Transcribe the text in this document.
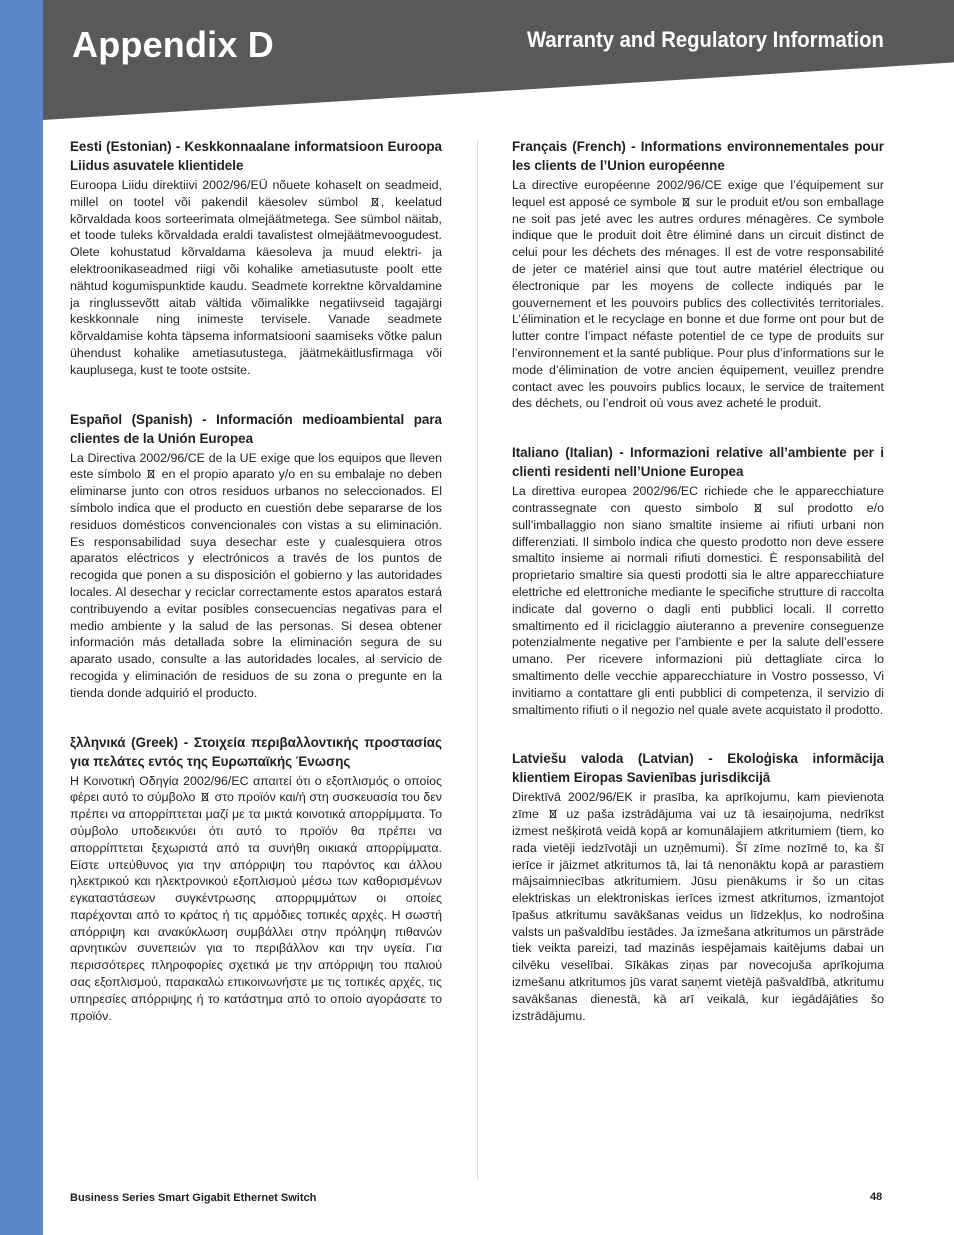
Appendix D	Warranty and Regulatory Information
Eesti (Estonian) - Keskkonnaalane informatsioon Euroopa Liidus asuvatele klientidele

Euroopa Liidu direktiivi 2002/96/EÜ nõuete kohaselt on seadmeid, millel on tootel või pakendil käesolev sümbol , keelatud kõrvaldada koos sorteerimata olmejäätmetega. See sümbol näitab, et toode tuleks kõrvaldada eraldi tavalistest olmejäätmevoogudest. Olete kohustatud kõrvaldama käesoleva ja muud elektri- ja elektroonikaseadmed riigi või kohalike ametiasutuste poolt ette nähtud kogumispunktide kaudu. Seadmete korrektne kõrvaldamine ja ringlussevõtt aitab vältida võimalikke negatiivseid tagajärgi keskkonnale ning inimeste tervisele. Vanade seadmete kõrvaldamise kohta täpsema informatsiooni saamiseks võtke palun ühendust kohalike ametiasutustega, jäätmekäitlusfirmaga või kauplusega, kust te toote ostsite.

Español (Spanish) - Información medioambiental para clientes de la Unión Europea

La Directiva 2002/96/CE de la UE exige que los equipos que lleven este símbolo en el propio aparato y/o en su embalaje no deben eliminarse junto con otros residuos urbanos no seleccionados. El símbolo indica que el producto en cuestión debe separarse de los residuos domésticos convencionales con vistas a su eliminación. Es responsabilidad suya desechar este y cualesquiera otros aparatos eléctricos y electrónicos a través de los puntos de recogida que ponen a su disposición el gobierno y las autoridades locales. Al desechar y reciclar correctamente estos aparatos estará contribuyendo a evitar posibles consecuencias negativas para el medio ambiente y la salud de las personas. Si desea obtener información más detallada sobre la eliminación segura de su aparato usado, consulte a las autoridades locales, al servicio de recogida y eliminación de residuos de su zona o pregunte en la tienda donde adquirió el producto.

ξλληνικά (Greek) - Στοιχεία περιβαλλοντικής προστασίας για πελάτες εντός της Ευρωπαϊκής Ένωσης

Η Κοινοτική Οδηγία 2002/96/EC απαιτεί ότι ο εξοπλισμός ο οποίος φέρει αυτό το σύμβολο στο προϊόν και/ή στη συσκευασία του δεν πρέπει να απορρίπτεται μαζί με τα μικτά κοινοτικά απορρίμματα. Το σύμβολο υποδεικνύει ότι αυτό το προϊόν θα πρέπει να απορρίπτεται ξεχωριστά από τα συνήθη οικιακά απορρίμματα. Είστε υπεύθυνος για την απόρριψη του παρόντος και άλλου ηλεκτρικού και ηλεκτρονικού εξοπλισμού μέσω των καθορισμένων εγκαταστάσεων συγκέντρωσης απορριμμάτων οι οποίες παρέχονται από το κράτος ή τις αρμόδιες τοπικές αρχές. Η σωστή απόρριψη και ανακύκλωση συμβάλλει στην πρόληψη πιθανών αρνητικών συνεπειών για το περιβάλλον και την υγεία. Για περισσότερες πληροφορίες σχετικά με την απόρριψη του παλιού σας εξοπλισμού, παρακαλώ επικοινωνήστε με τις τοπικές αρχές, τις υπηρεσίες απόρριψης ή το κατάστημα από το οποίο αγοράσατε το προϊόν.

Français (French) - Informations environnementales pour les clients de l’Union européenne

La directive européenne 2002/96/CE exige que l’équipement sur lequel est apposé ce symbole sur le produit et/ou son emballage ne soit pas jeté avec les autres ordures ménagères. Ce symbole indique que le produit doit être éliminé dans un circuit distinct de celui pour les déchets des ménages. Il est de votre responsabilité de jeter ce matériel ainsi que tout autre matériel électrique ou électronique par les moyens de collecte indiqués par le gouvernement et les pouvoirs publics des collectivités territoriales. L’élimination et le recyclage en bonne et due forme ont pour but de lutter contre l’impact néfaste potentiel de ce type de produits sur l’environnement et la santé publique. Pour plus d’informations sur le mode d’élimination de votre ancien équipement, veuillez prendre contact avec les pouvoirs publics locaux, le service de traitement des déchets, ou l’endroit où vous avez acheté le produit.

Italiano (Italian) - Informazioni relative all’ambiente per i clienti residenti nell’Unione Europea

La direttiva europea 2002/96/EC richiede che le apparecchiature contrassegnate con questo simbolo	sul prodotto e/o sull’imballaggio non siano smaltite insieme ai rifiuti urbani non differenziati. Il simbolo indica che questo prodotto non deve essere smaltito insieme ai normali rifiuti domestici. È responsabilità del proprietario smaltire sia questi prodotti sia le altre apparecchiature elettriche ed elettroniche mediante le specifiche strutture di raccolta indicate dal governo o dagli enti pubblici locali. Il corretto smaltimento ed il riciclaggio aiuteranno a prevenire conseguenze potenzialmente negative per l’ambiente e per la salute dell’essere umano. Per ricevere informazioni più dettagliate circa lo smaltimento delle vecchie apparecchiature in Vostro possesso, Vi invitiamo a contattare gli enti pubblici di competenza, il servizio di smaltimento rifiuti o il negozio nel quale avete acquistato il prodotto.

Latviešu valoda (Latvian) - Ekoloģiska informācija klientiem Eiropas Savienības jurisdikcijā

Direktīvā 2002/96/EK ir prasība, ka aprīkojumu, kam pievienota zīme uz paša izstrādājuma vai uz tā iesaiņojuma, nedrīkst izmest nešķirotā veidā kopā ar komunālajiem atkritumiem (tiem, ko rada vietēji iedzīvotāji un uzņēmumi). Šī zīme nozīmē to, ka šī ierīce ir jāizmet atkritumos tā, lai tā nenonāktu kopā ar parastiem mājsaimniecības atkritumiem. Jūsu pienākums ir šo un citas elektriskas un elektroniskas ierīces izmest atkritumos, izmantojot īpašus atkritumu savākšanas veidus un līdzekļus, ko nodrošina valsts un pašvaldību iestādes. Ja izmešana atkritumos un pārstrāde tiek veikta pareizi, tad mazinās iespējamais kaitējums dabai un cilvēku veselībai. Sīkākas ziņas par novecojuša aprīkojuma izmešanu atkritumos jūs varat saņemt vietējā pašvaldībā, atkritumu savākšanas dienestā, kā arī veikalā, kur iegādājāties šo izstrādājumu.

Business Series Smart Gigabit Ethernet Switch	48
